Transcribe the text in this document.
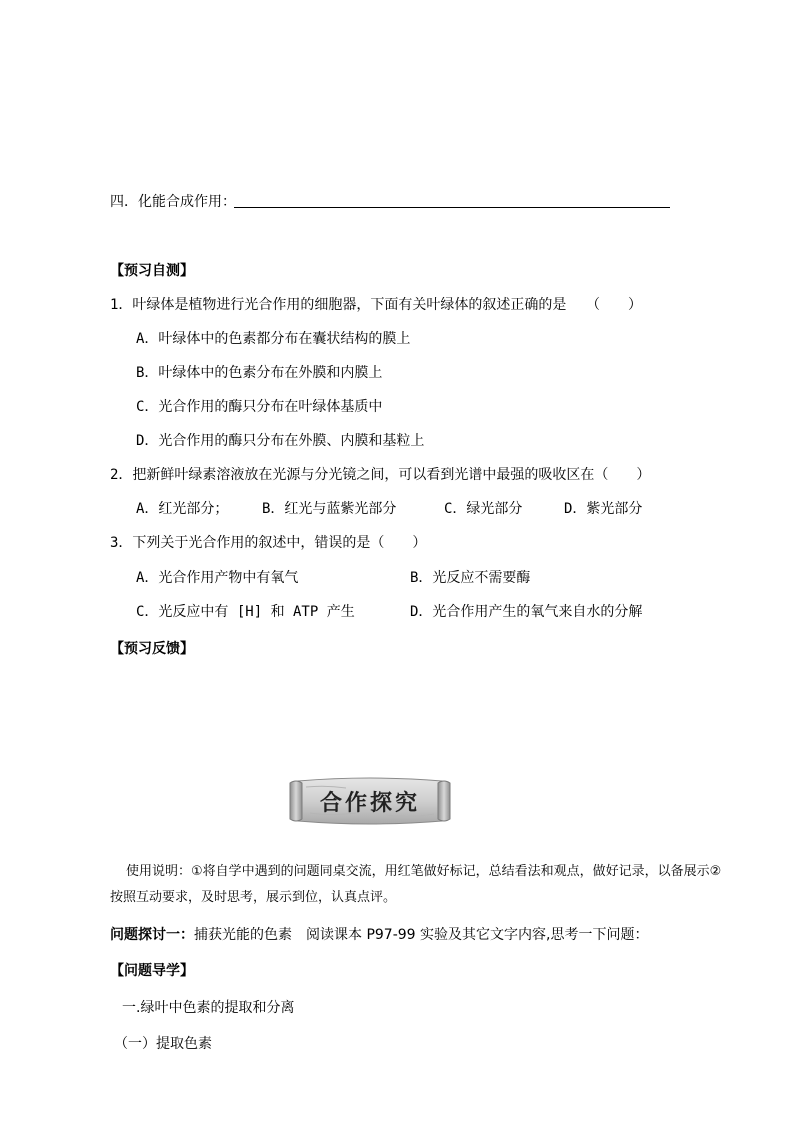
四．化能合成作用：
【预习自测】
1．叶绿体是植物进行光合作用的细胞器，下面有关叶绿体的叙述正确的是 （　　）
A．叶绿体中的色素都分布在囊状结构的膜上
B．叶绿体中的色素分布在外膜和内膜上
C．光合作用的酶只分布在叶绿体基质中
D．光合作用的酶只分布在外膜、内膜和基粒上
2．把新鲜叶绿素溶液放在光源与分光镜之间，可以看到光谱中最强的吸收区在（　　）
A．红光部分； B．红光与蓝紫光部分	C．绿光部分	D．紫光部分
3．下列关于光合作用的叙述中，错误的是（　　）
A．光合作用产物中有氧气	B．光反应不需要酶
C．光反应中有 [H] 和 ATP 产生	D．光合作用产生的氧气来自水的分解
【预习反馈】
合作探究
使用说明：①将自学中遇到的问题同桌交流，用红笔做好标记，总结看法和观点，做好记录，以备展示②
按照互动要求，及时思考，展示到位，认真点评。
问题探讨一：捕获光能的色素　阅读课本 P97-99 实验及其它文字内容,思考一下问题：
【问题导学】
一.绿叶中色素的提取和分离
（一）提取色素
